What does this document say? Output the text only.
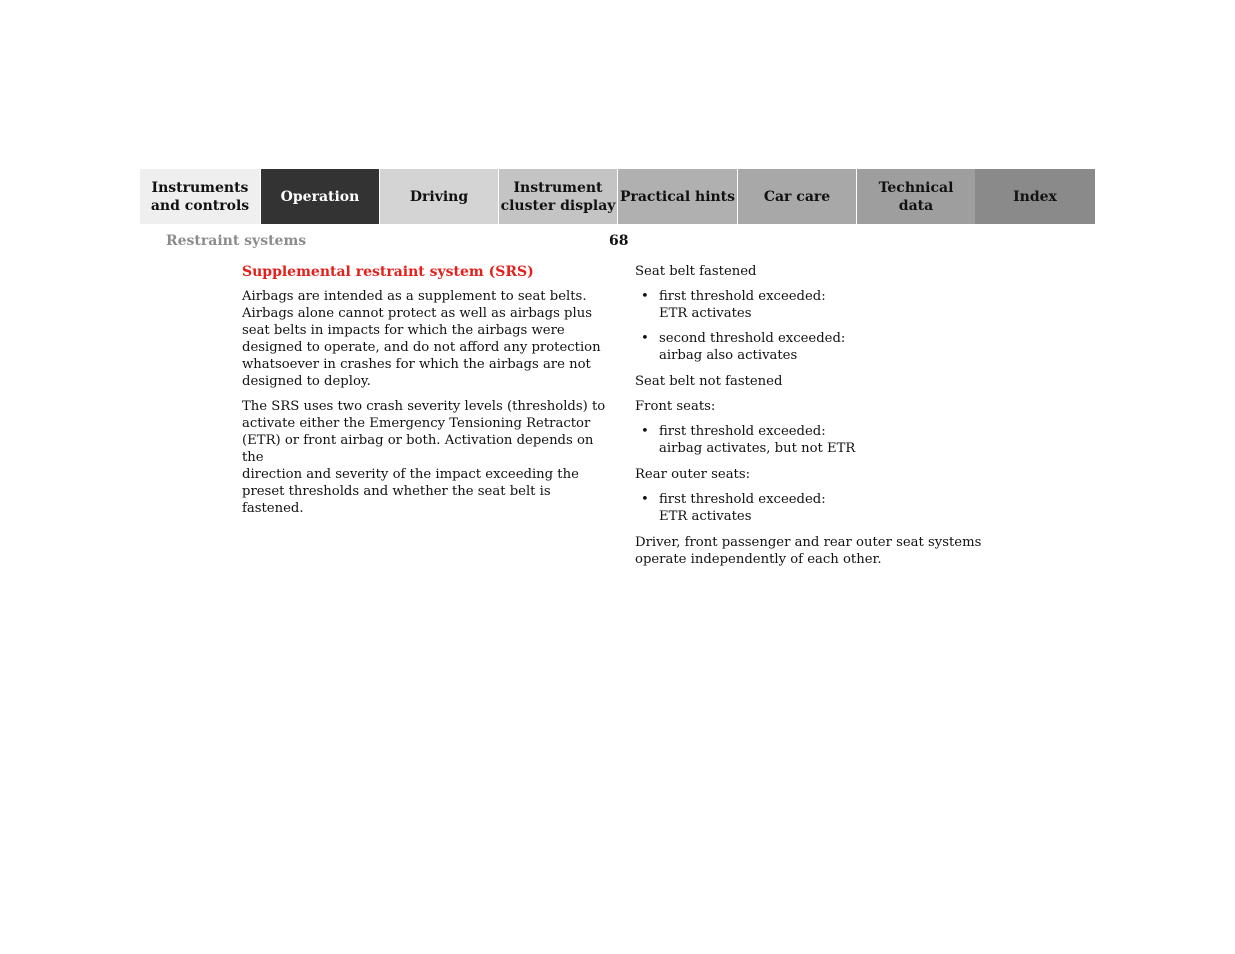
Instruments
and controls
Operation	Driving
Instrument
cluster display
Practical hints	Car care
Technical
data
Index
Restraint systems	68
Supplemental restraint system (SRS)

Airbags are intended as a supplement to seat belts.
Airbags alone cannot protect as well as airbags plus
seat belts in impacts for which the airbags were
designed to operate, and do not afford any protection
whatsoever in crashes for which the airbags are not
designed to deploy.

The SRS uses two crash severity levels (thresholds) to
activate either the Emergency Tensioning Retractor
(ETR) or front airbag or both. Activation depends on the
direction and severity of the impact exceeding the
preset thresholds and whether the seat belt is fastened.

Seat belt fastened

• first threshold exceeded:
ETR activates
• second threshold exceeded:
airbag also activates

Seat belt not fastened

Front seats:

• first threshold exceeded:
airbag activates, but not ETR

Rear outer seats:

• first threshold exceeded:
ETR activates

Driver, front passenger and rear outer seat systems
operate independently of each other.
